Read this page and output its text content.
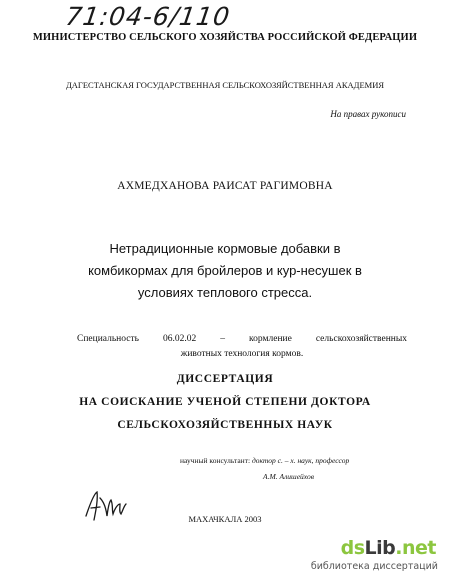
71:04-6/110
МИНИСТЕРСТВО СЕЛЬСКОГО ХОЗЯЙСТВА РОССИЙСКОЙ ФЕДЕРАЦИИ
ДАГЕСТАНСКАЯ ГОСУДАРСТВЕННАЯ СЕЛЬСКОХОЗЯЙСТВЕННАЯ АКАДЕМИЯ
На правах рукописи
АХМЕДХАНОВА РАИСАТ РАГИМОВНА
Нетрадиционные кормовые добавки в
комбикормах для бройлеров и кур-несушек в
условиях теплового стресса.
Специальность 06.02.02 – кормление сельскохозяйственных
животных технология кормов.
ДИССЕРТАЦИЯ
НА СОИСКАНИЕ УЧЕНОЙ СТЕПЕНИ ДОКТОРА
СЕЛЬСКОХОЗЯЙСТВЕННЫХ НАУК
научный консультант: доктор с. – х. наук, профессор
А.М. Алишейхов
МАХАЧКАЛА 2003
dsLib.net
библиотека диссертаций
